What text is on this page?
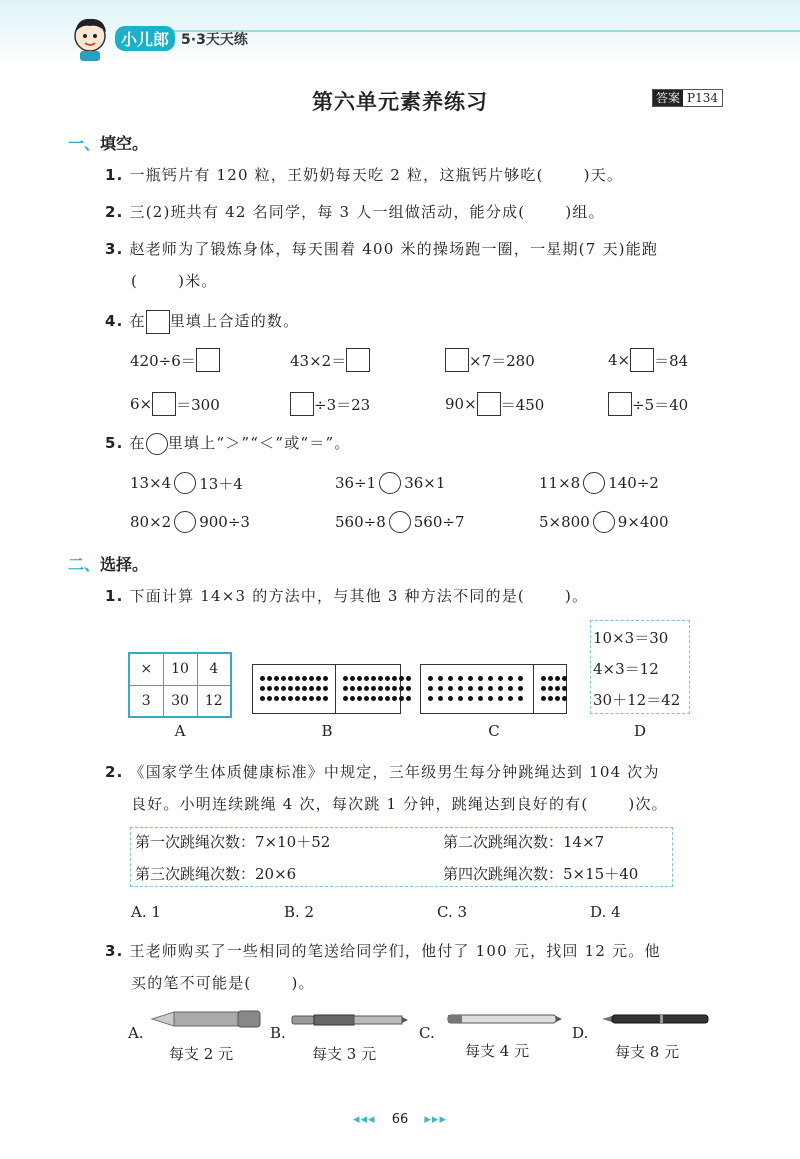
小儿郎 5·3天天练
第六单元素养练习	答案 P134
一、填空。
1. 一瓶钙片有 120 粒，王奶奶每天吃 2 粒，这瓶钙片够吃(	)天。
2. 三(2)班共有 42 名同学，每 3 人一组做活动，能分成(	)组。
3. 赵老师为了锻炼身体，每天围着 400 米的操场跑一圈，一星期(7 天)能跑
(	)米。
4. 在 里填上合适的数。
420÷6＝	43×2＝	×7＝280	4× ＝84
6× ＝300	÷3＝23	90× ＝450	÷5＝40
5. 在 里填上“＞”“＜”或“＝”。
13×4 13＋4	36÷1 36×1	11×8 140÷2
80×2 900÷3	560÷8 560÷7	5×800 9×400
二、选择。
1. 下面计算 14×3 的方法中，与其他 3 种方法不同的是(	)。
×	10	4
3	30	12
10×3＝30
4×3＝12
30＋12＝42
A	B	C	D
2. 《国家学生体质健康标准》中规定，三年级男生每分钟跳绳达到 104 次为
良好。小明连续跳绳 4 次，每次跳 1 分钟，跳绳达到良好的有(	)次。
第一次跳绳次数：7×10＋52	第二次跳绳次数：14×7
第三次跳绳次数：20×6	第四次跳绳次数：5×15＋40
A. 1	B. 2	C. 3	D. 4
3. 王老师购买了一些相同的笔送给同学们，他付了 100 元，找回 12 元。他
买的笔不可能是(	)。
A.
每支 2 元
B.
每支 3 元
C.
每支 4 元
D.
每支 8 元
◂◂◂ 66 ▸▸▸
